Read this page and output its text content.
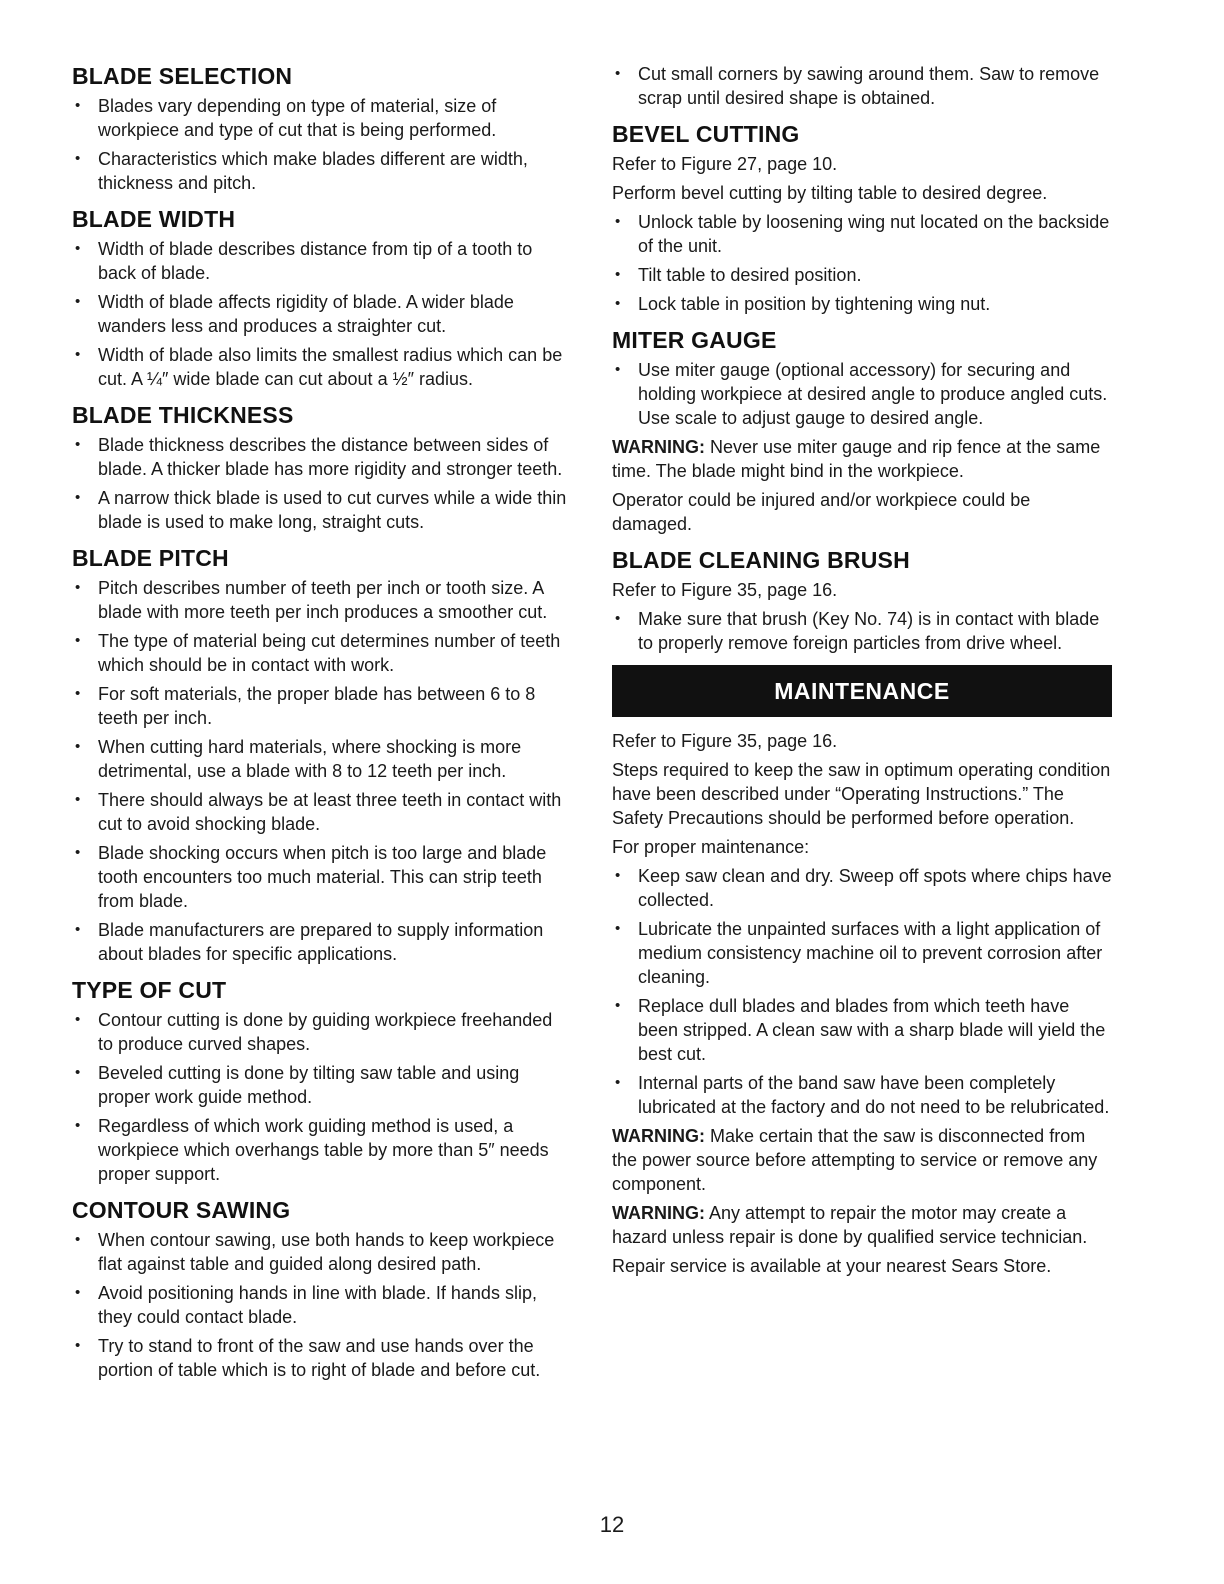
BLADE SELECTION
• Blades vary depending on type of material, size of workpiece and type of cut that is being performed.
• Characteristics which make blades different are width, thickness and pitch.
BLADE WIDTH
• Width of blade describes distance from tip of a tooth to back of blade.
• Width of blade affects rigidity of blade. A wider blade wanders less and produces a straighter cut.
• Width of blade also limits the smallest radius which can be cut. A ¼″ wide blade can cut about a ½″ radius.
BLADE THICKNESS
• Blade thickness describes the distance between sides of blade. A thicker blade has more rigidity and stronger teeth.
• A narrow thick blade is used to cut curves while a wide thin blade is used to make long, straight cuts.
BLADE PITCH
• Pitch describes number of teeth per inch or tooth size. A blade with more teeth per inch produces a smoother cut.
• The type of material being cut determines number of teeth which should be in contact with work.
• For soft materials, the proper blade has between 6 to 8 teeth per inch.
• When cutting hard materials, where shocking is more detrimental, use a blade with 8 to 12 teeth per inch.
• There should always be at least three teeth in contact with cut to avoid shocking blade.
• Blade shocking occurs when pitch is too large and blade tooth encounters too much material. This can strip teeth from blade.
• Blade manufacturers are prepared to supply information about blades for specific applications.
TYPE OF CUT
• Contour cutting is done by guiding workpiece freehanded to produce curved shapes.
• Beveled cutting is done by tilting saw table and using proper work guide method.
• Regardless of which work guiding method is used, a workpiece which overhangs table by more than 5″ needs proper support.
CONTOUR SAWING
• When contour sawing, use both hands to keep workpiece flat against table and guided along desired path.
• Avoid positioning hands in line with blade. If hands slip, they could contact blade.
• Try to stand to front of the saw and use hands over the portion of table which is to right of blade and before cut.
• Cut small corners by sawing around them. Saw to remove scrap until desired shape is obtained.
BEVEL CUTTING

Refer to Figure 27, page 10.

Perform bevel cutting by tilting table to desired degree.

• Unlock table by loosening wing nut located on the backside of the unit.
• Tilt table to desired position.
• Lock table in position by tightening wing nut.
MITER GAUGE
• Use miter gauge (optional accessory) for securing and holding workpiece at desired angle to produce angled cuts. Use scale to adjust gauge to desired angle.

WARNING: Never use miter gauge and rip fence at the same time. The blade might bind in the workpiece.

Operator could be injured and/or workpiece could be damaged.

BLADE CLEANING BRUSH

Refer to Figure 35, page 16.

• Make sure that brush (Key No. 74) is in contact with blade to properly remove foreign particles from drive wheel.
MAINTENANCE

Refer to Figure 35, page 16.

Steps required to keep the saw in optimum operating condition have been described under “Operating Instructions.” The Safety Precautions should be performed before operation.

For proper maintenance:

• Keep saw clean and dry. Sweep off spots where chips have collected.
• Lubricate the unpainted surfaces with a light application of medium consistency machine oil to prevent corrosion after cleaning.
• Replace dull blades and blades from which teeth have been stripped. A clean saw with a sharp blade will yield the best cut.
• Internal parts of the band saw have been completely lubricated at the factory and do not need to be relubricated.

WARNING: Make certain that the saw is disconnected from the power source before attempting to service or remove any component.

WARNING: Any attempt to repair the motor may create a hazard unless repair is done by qualified service technician.

Repair service is available at your nearest Sears Store.

12
